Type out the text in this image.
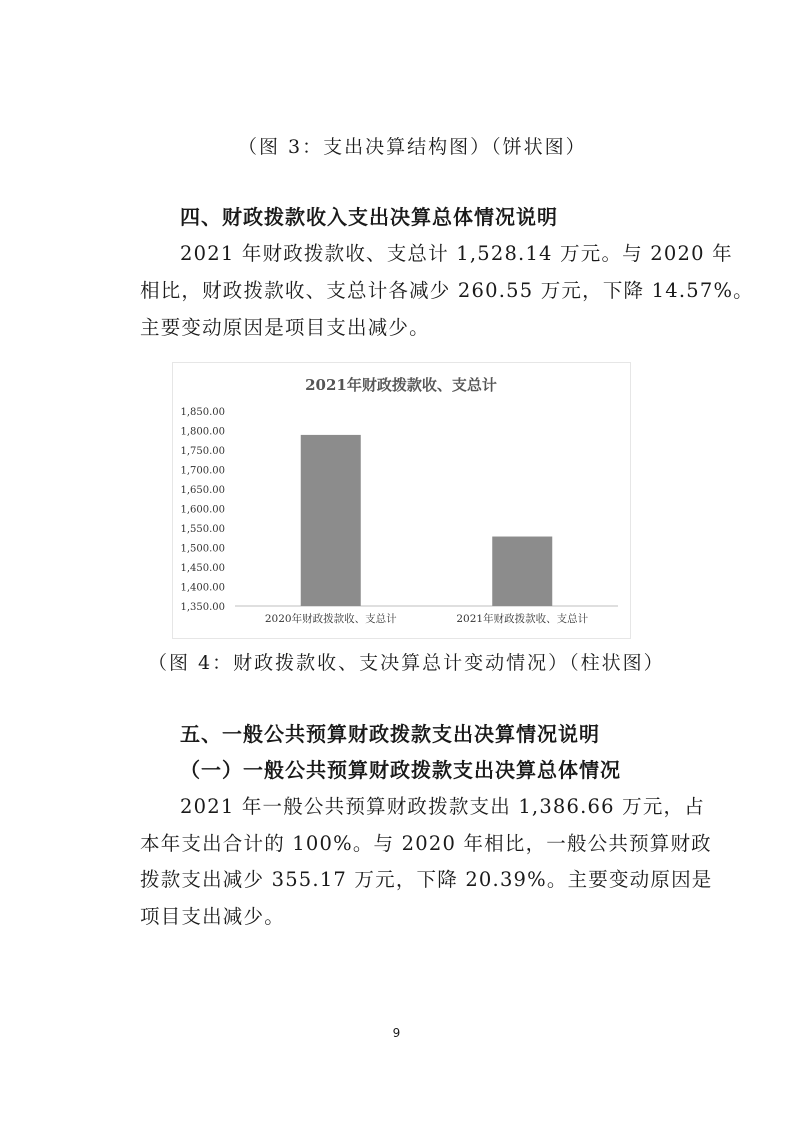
（图 3：支出决算结构图）（饼状图）
四、财政拨款收入支出决算总体情况说明
2021 年财政拨款收、支总计 1,528.14 万元。与 2020 年
相比，财政拨款收、支总计各减少 260.55 万元，下降 14.57%。
主要变动原因是项目支出减少。
2021年财政拨款收、支总计
1,850.00
1,800.00
1,750.00
1,700.00
1,650.00
1,600.00
1,550.00
1,500.00
1,450.00
1,400.00
1,350.00
2020年财政拨款收、支总计	2021年财政拨款收、支总计
（图 4：财政拨款收、支决算总计变动情况）（柱状图）
五、一般公共预算财政拨款支出决算情况说明
（一）一般公共预算财政拨款支出决算总体情况
2021 年一般公共预算财政拨款支出 1,386.66 万元，占
本年支出合计的 100%。与 2020 年相比，一般公共预算财政
拨款支出减少 355.17 万元，下降 20.39%。主要变动原因是
项目支出减少。
9
